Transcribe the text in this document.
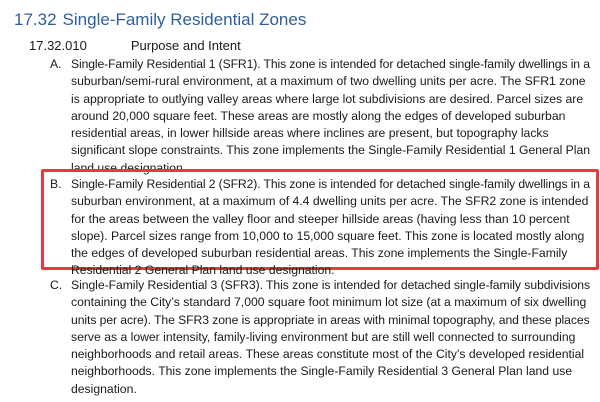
17.32 Single-Family Residential Zones
17.32.010	Purpose and Intent
A. Single-Family Residential 1 (SFR1). This zone is intended for detached single-family dwellings in a
suburban/semi-rural environment, at a maximum of two dwelling units per acre. The SFR1 zone
is appropriate to outlying valley areas where large lot subdivisions are desired. Parcel sizes are
around 20,000 square feet. These areas are mostly along the edges of developed suburban
residential areas, in lower hillside areas where inclines are present, but topography lacks
significant slope constraints. This zone implements the Single-Family Residential 1 General Plan
land use designation.
B. Single-Family Residential 2 (SFR2). This zone is intended for detached single-family dwellings in a
suburban environment, at a maximum of 4.4 dwelling units per acre. The SFR2 zone is intended
for the areas between the valley floor and steeper hillside areas (having less than 10 percent
slope). Parcel sizes range from 10,000 to 15,000 square feet. This zone is located mostly along
the edges of developed suburban residential areas. This zone implements the Single-Family
Residential 2 General Plan land use designation.
C. Single-Family Residential 3 (SFR3). This zone is intended for detached single-family subdivisions
containing the City’s standard 7,000 square foot minimum lot size (at a maximum of six dwelling
units per acre). The SFR3 zone is appropriate in areas with minimal topography, and these places
serve as a lower intensity, family-living environment but are still well connected to surrounding
neighborhoods and retail areas. These areas constitute most of the City’s developed residential
neighborhoods. This zone implements the Single-Family Residential 3 General Plan land use
designation.
